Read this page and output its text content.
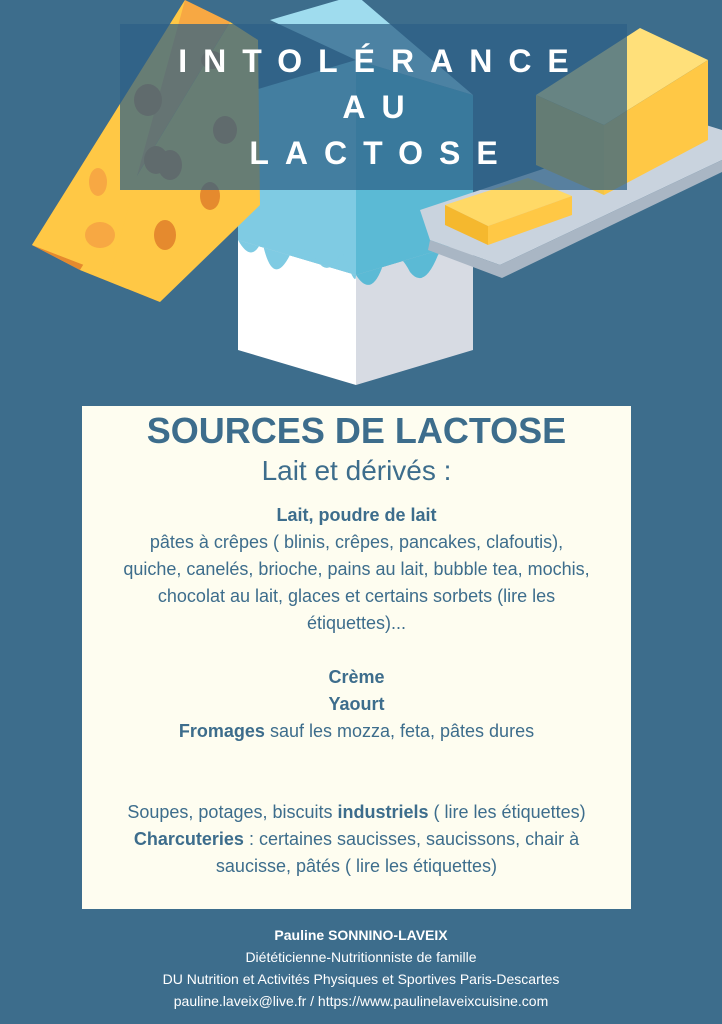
INTOLÉRANCE
AU
LACTOSE
SOURCES DE LACTOSE
Lait et dérivés :
Lait, poudre de lait
pâtes à crêpes ( blinis, crêpes, pancakes, clafoutis),
quiche, canelés, brioche, pains au lait, bubble tea, mochis,
chocolat au lait, glaces et certains sorbets (lire les
étiquettes)...
Crème
Yaourt
Fromages sauf les mozza, feta, pâtes dures
Soupes, potages, biscuits industriels ( lire les étiquettes)
Charcuteries : certaines saucisses, saucissons, chair à
saucisse, pâtés ( lire les étiquettes)
Pauline SONNINO-LAVEIX
Diététicienne-Nutritionniste de famille
DU Nutrition et Activités Physiques et Sportives Paris-Descartes
pauline.laveix@live.fr / https://www.paulinelaveixcuisine.com
